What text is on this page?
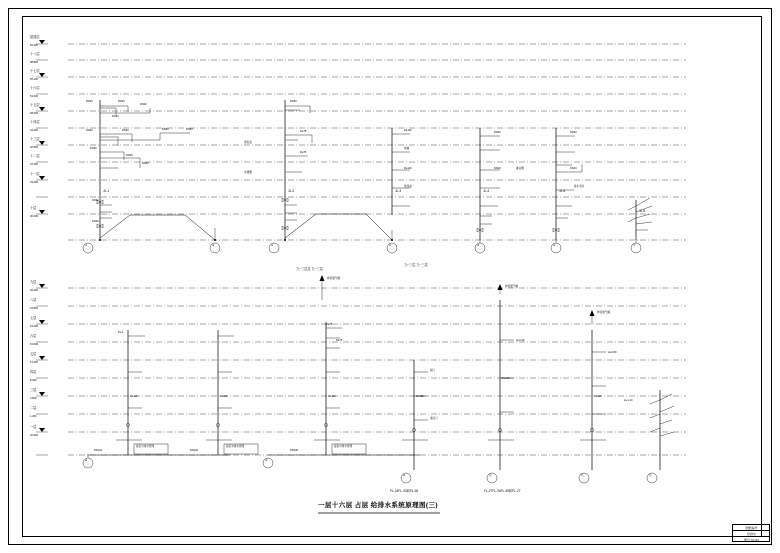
屋面层
62.400
十八层
58.800
十七层
55.200
十六层
51.600
十五层
48.000
十四层
44.400
十三层
40.800
十二层
37.200
十一层
33.600
十层
30.000
九层
26.400
八层
22.800
七层
19.200
六层
15.600
五层
12.000
四层
8.400
三层
4.800
二层
1.200
一层
±0.000
①	②
③	④	⑤	⑥	⑦
JL-1	JL-2	JL-3	JL-4	JL-5
JL-6
DN25	DN25
DN32
DN32
DN40	DN40	DN50	DN50
DN25
DN25
DN32
DN32
DN40
DN50
De75
De75
De110
De110
DN32
DN40
DN32
DN40
洗脸盆
坐便器
地漏
洗涤盆
淋浴器
接水表井
九~三层及 九~三层
九~三层 九~三层
⑧	⑨
⑩	⑪	⑫	⑬
PL-1
De110	De110	De110	De110
De110
De110
De75
De75
DN100	DN100	DN100
接室外排水管网	接室外排水管网	接室外排水管网
伸顶通气帽
伸顶通气帽
伸顶通气帽
H+0.45
H+0.80
H+1.10
阀门
清扫口
FL-24FL-33和FL-26	FL-27FL-34FL-35和FL-27
一层十六层 占层 给排水系统原理图(三)
图纸编号
给排水
图号 SY-01
